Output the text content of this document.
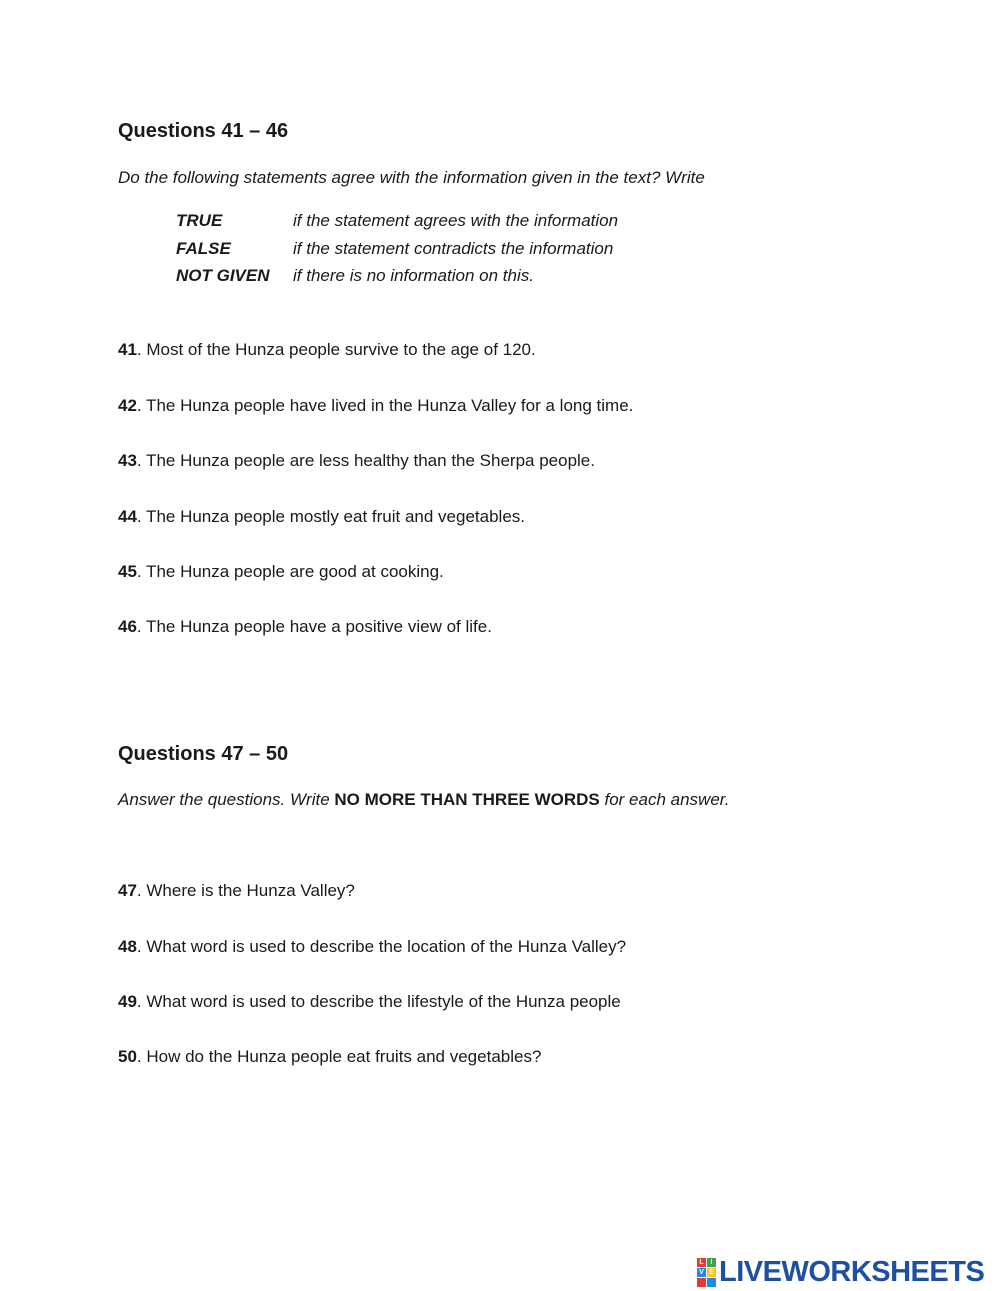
Questions 41 – 46
Do the following statements agree with the information given in the text? Write
TRUE	if the statement agrees with the information
FALSE	if the statement contradicts the information
NOT GIVEN if there is no information on this.
41. Most of the Hunza people survive to the age of 120.
42. The Hunza people have lived in the Hunza Valley for a long time.
43. The Hunza people are less healthy than the Sherpa people.
44. The Hunza people mostly eat fruit and vegetables.
45. The Hunza people are good at cooking.
46. The Hunza people have a positive view of life.
Questions 47 – 50
Answer the questions. Write NO MORE THAN THREE WORDS for each answer.
47. Where is the Hunza Valley?
48. What word is used to describe the location of the Hunza Valley?
49. What word is used to describe the lifestyle of the Hunza people
50. How do the Hunza people eat fruits and vegetables?
L I
V E LIVEWORKSHEETS
